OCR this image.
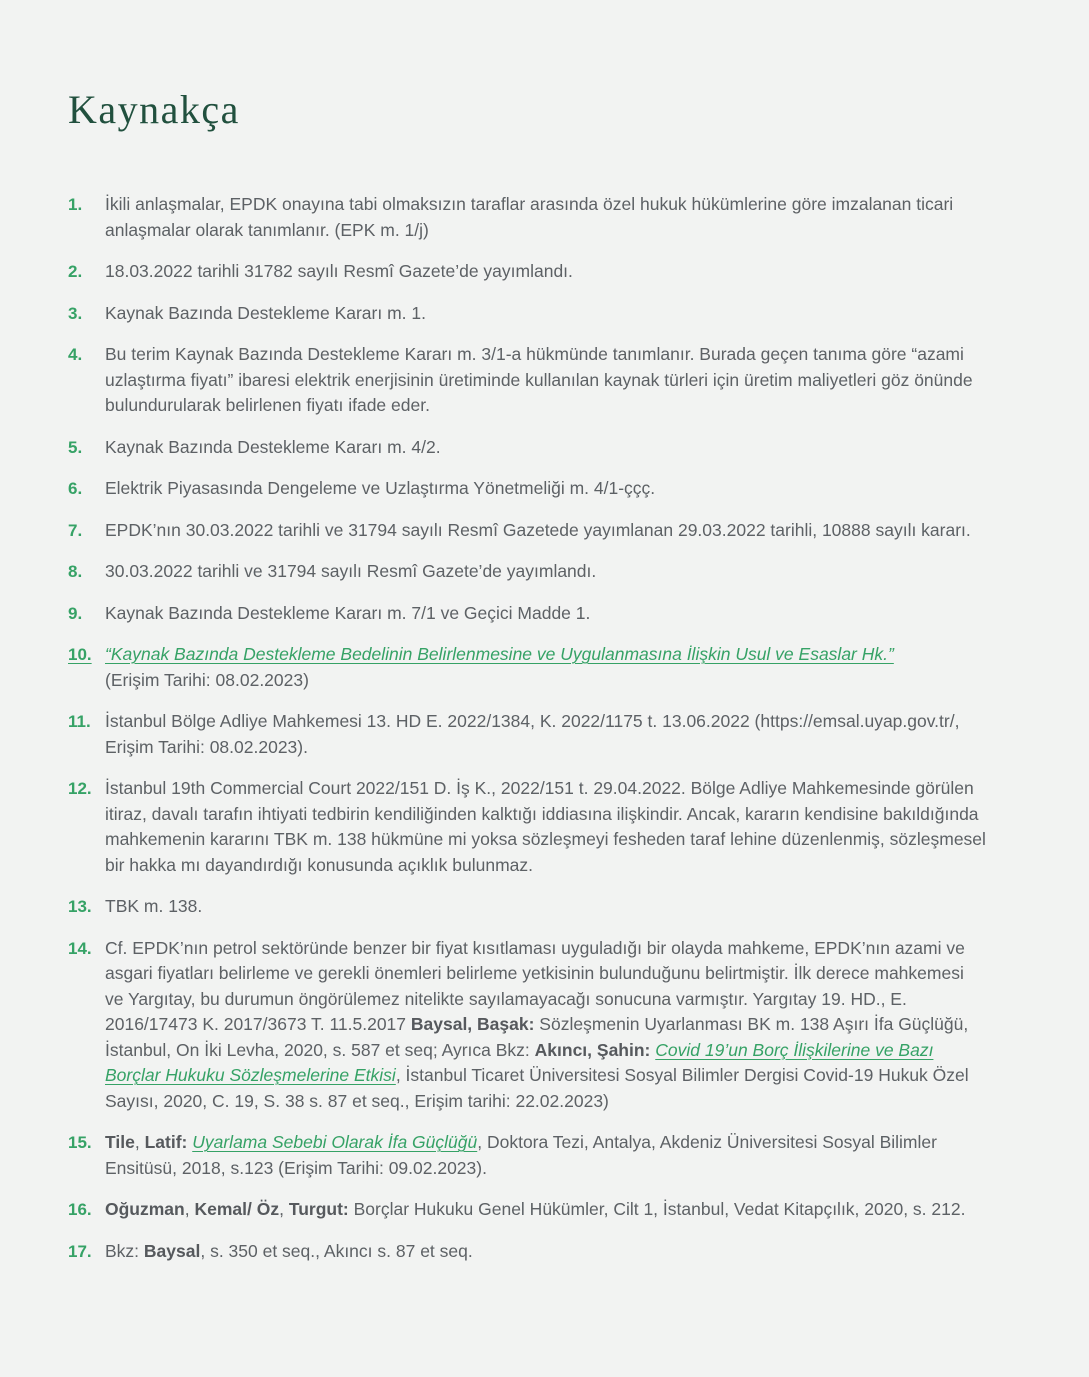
Kaynakça
1.	İkili anlaşmalar, EPDK onayına tabi olmaksızın taraflar arasında özel hukuk hükümlerine göre imzalanan ticari anlaşmalar olarak tanımlanır. (EPK m. 1/j)
2.	18.03.2022 tarihli 31782 sayılı Resmî Gazete’de yayımlandı.
3.	Kaynak Bazında Destekleme Kararı m. 1.
4.	Bu terim Kaynak Bazında Destekleme Kararı m. 3/1-a hükmünde tanımlanır. Burada geçen tanıma göre “azami uzlaştırma fiyatı” ibaresi elektrik enerjisinin üretiminde kullanılan kaynak türleri için üretim maliyetleri göz önünde bulundurularak belirlenen fiyatı ifade eder.
5.	Kaynak Bazında Destekleme Kararı m. 4/2.
6.	Elektrik Piyasasında Dengeleme ve Uzlaştırma Yönetmeliği m. 4/1-ççç.
7.	EPDK’nın 30.03.2022 tarihli ve 31794 sayılı Resmî Gazetede yayımlanan 29.03.2022 tarihli, 10888 sayılı kararı.
8.	30.03.2022 tarihli ve 31794 sayılı Resmî Gazete’de yayımlandı.
9.	Kaynak Bazında Destekleme Kararı m. 7/1 ve Geçici Madde 1.
10. “Kaynak Bazında Destekleme Bedelinin Belirlenmesine ve Uygulanmasına İlişkin Usul ve Esaslar Hk.”
(Erişim Tarihi: 08.02.2023)
11. İstanbul Bölge Adliye Mahkemesi 13. HD E. 2022/1384, K. 2022/1175 t. 13.06.2022 (https://emsal.uyap.gov.tr/, Erişim Tarihi: 08.02.2023).
12. İstanbul 19th Commercial Court 2022/151 D. İş K., 2022/151 t. 29.04.2022. Bölge Adliye Mahkemesinde görülen itiraz, davalı tarafın ihtiyati tedbirin kendiliğinden kalktığı iddiasına ilişkindir. Ancak, kararın kendisine bakıldığında mahkemenin kararını TBK m. 138 hükmüne mi yoksa sözleşmeyi fesheden taraf lehine düzenlenmiş, sözleşmesel bir hakka mı dayandırdığı konusunda açıklık bulunmaz.
13. TBK m. 138.
14. Cf. EPDK’nın petrol sektöründe benzer bir fiyat kısıtlaması uyguladığı bir olayda mahkeme, EPDK’nın azami ve asgari fiyatları belirleme ve gerekli önemleri belirleme yetkisinin bulunduğunu belirtmiştir. İlk derece mahkemesi ve Yargıtay, bu durumun öngörülemez nitelikte sayılamayacağı sonucuna varmıştır. Yargıtay 19. HD., E. 2016/17473 K. 2017/3673 T. 11.5.2017 Baysal, Başak: Sözleşmenin Uyarlanması BK m. 138 Aşırı İfa Güçlüğü, İstanbul, On İki Levha, 2020, s. 587 et seq; Ayrıca Bkz: Akıncı, Şahin: Covid 19’un Borç İlişkilerine ve Bazı Borçlar Hukuku Sözleşmelerine Etkisi, İstanbul Ticaret Üniversitesi Sosyal Bilimler Dergisi Covid-19 Hukuk Özel Sayısı, 2020, C. 19, S. 38 s. 87 et seq., Erişim tarihi: 22.02.2023)
15. Tile, Latif: Uyarlama Sebebi Olarak İfa Güçlüğü, Doktora Tezi, Antalya, Akdeniz Üniversitesi Sosyal Bilimler Ensitüsü, 2018, s.123 (Erişim Tarihi: 09.02.2023).
16. Oğuzman, Kemal/ Öz, Turgut: Borçlar Hukuku Genel Hükümler, Cilt 1, İstanbul, Vedat Kitapçılık, 2020, s. 212.
17. Bkz: Baysal, s. 350 et seq., Akıncı s. 87 et seq.
